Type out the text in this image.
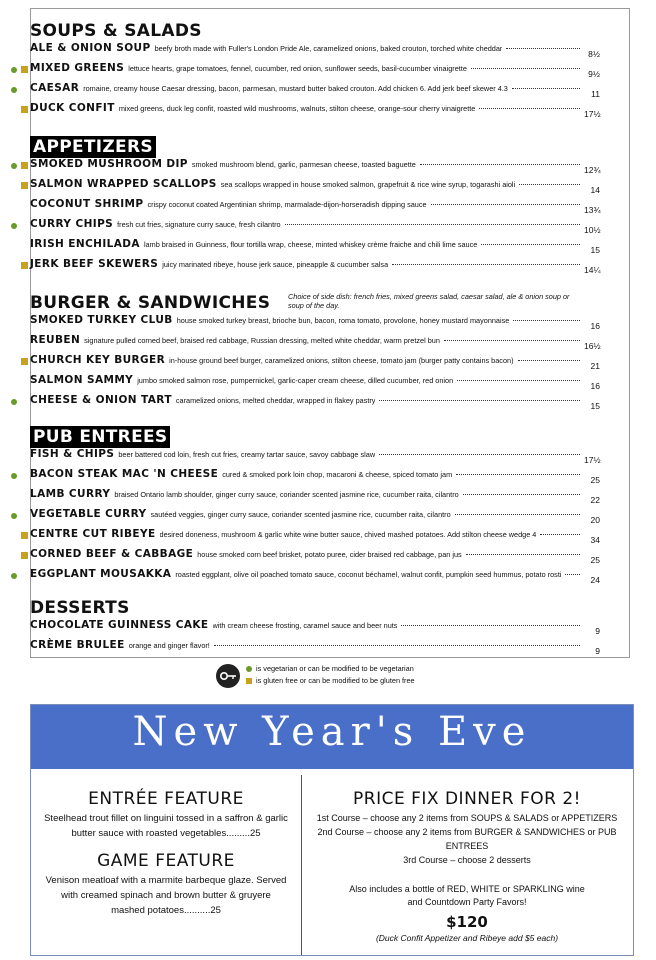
SOUPS & SALADS
ALE & ONION SOUP beefy broth made with Fuller's London Pride Ale, caramelized onions, baked crouton, torched white cheddar
8½
MIXED GREENS lettuce hearts, grape tomatoes, fennel, cucumber, red onion, sunflower seeds, basil-cucumber vinaigrette
9½
CAESAR romaine, creamy house Caesar dressing, bacon, parmesan, mustard butter baked crouton. Add chicken 6. Add jerk beef skewer 4.3
11
DUCK CONFIT mixed greens, duck leg confit, roasted wild mushrooms, walnuts, stilton cheese, orange-sour cherry vinaigrette
17½
APPETIZERS
SMOKED MUSHROOM DIP smoked mushroom blend, garlic, parmesan cheese, toasted baguette
12¾
SALMON WRAPPED SCALLOPS sea scallops wrapped in house smoked salmon, grapefruit & rice wine syrup, togarashi aioli
14
COCONUT SHRIMP crispy coconut coated Argentinian shrimp, marmalade-dijon-horseradish dipping sauce
13¾
CURRY CHIPS fresh cut fries, signature curry sauce, fresh cilantro
10½
IRISH ENCHILADA lamb braised in Guinness, flour tortilla wrap, cheese, minted whiskey crème fraiche and chili lime sauce
15
JERK BEEF SKEWERS juicy marinated ribeye, house jerk sauce, pineapple & cucumber salsa
14¼
BURGER & SANDWICHES	Choice of side dish: french fries, mixed greens salad, caesar salad, ale & onion soup or soup of the day.
SMOKED TURKEY CLUB house smoked turkey breast, brioche bun, bacon, roma tomato, provolone, honey mustard mayonnaise
16
REUBEN signature pulled corned beef, braised red cabbage, Russian dressing, melted white cheddar, warm pretzel bun
16½
CHURCH KEY BURGER in-house ground beef burger, caramelized onions, stilton cheese, tomato jam (burger patty contains bacon)
21
SALMON SAMMY jumbo smoked salmon rose, pumpernickel, garlic-caper cream cheese, dilled cucumber, red onion
16
CHEESE & ONION TART caramelized onions, melted cheddar, wrapped in flakey pastry
15
PUB ENTREES
FISH & CHIPS beer battered cod loin, fresh cut fries, creamy tartar sauce, savoy cabbage slaw
17½
BACON STEAK MAC 'N CHEESE cured & smoked pork loin chop, macaroni & cheese, spiced tomato jam
25
LAMB CURRY braised Ontario lamb shoulder, ginger curry sauce, coriander scented jasmine rice, cucumber raita, cilantro
22
VEGETABLE CURRY sautéed veggies, ginger curry sauce, coriander scented jasmine rice, cucumber raita, cilantro
20
CENTRE CUT RIBEYE desired doneness, mushroom & garlic white wine butter sauce, chived mashed potatoes. Add stilton cheese wedge 4
34
CORNED BEEF & CABBAGE house smoked corn beef brisket, potato puree, cider braised red cabbage, pan jus
25
EGGPLANT MOUSAKKA roasted eggplant, olive oil poached tomato sauce, coconut béchamel, walnut confit, pumpkin seed hummus, potato rosti
24
DESSERTS
CHOCOLATE GUINNESS CAKE with cream cheese frosting, caramel sauce and beer nuts
9
CRÈME BRULEE orange and ginger flavor!
9
is vegetarian or can be modified to be vegetarian
is gluten free or can be modified to be gluten free
New Year's Eve
ENTRÉE FEATURE
Steelhead trout fillet on linguini tossed in a saffron & garlic butter sauce with roasted vegetables.........25
GAME FEATURE
Venison meatloaf with a marmite barbeque glaze. Served with creamed spinach and brown butter & gruyere mashed potatoes..........25
PRICE FIX DINNER FOR 2!
1st Course – choose any 2 items from SOUPS & SALADS or APPETIZERS
2nd Course – choose any 2 items from BURGER & SANDWICHES or PUB ENTREES
3rd Course – choose 2 desserts
Also includes a bottle of RED, WHITE or SPARKLING wine and Countdown Party Favors!
$120
(Duck Confit Appetizer and Ribeye add $5 each)
